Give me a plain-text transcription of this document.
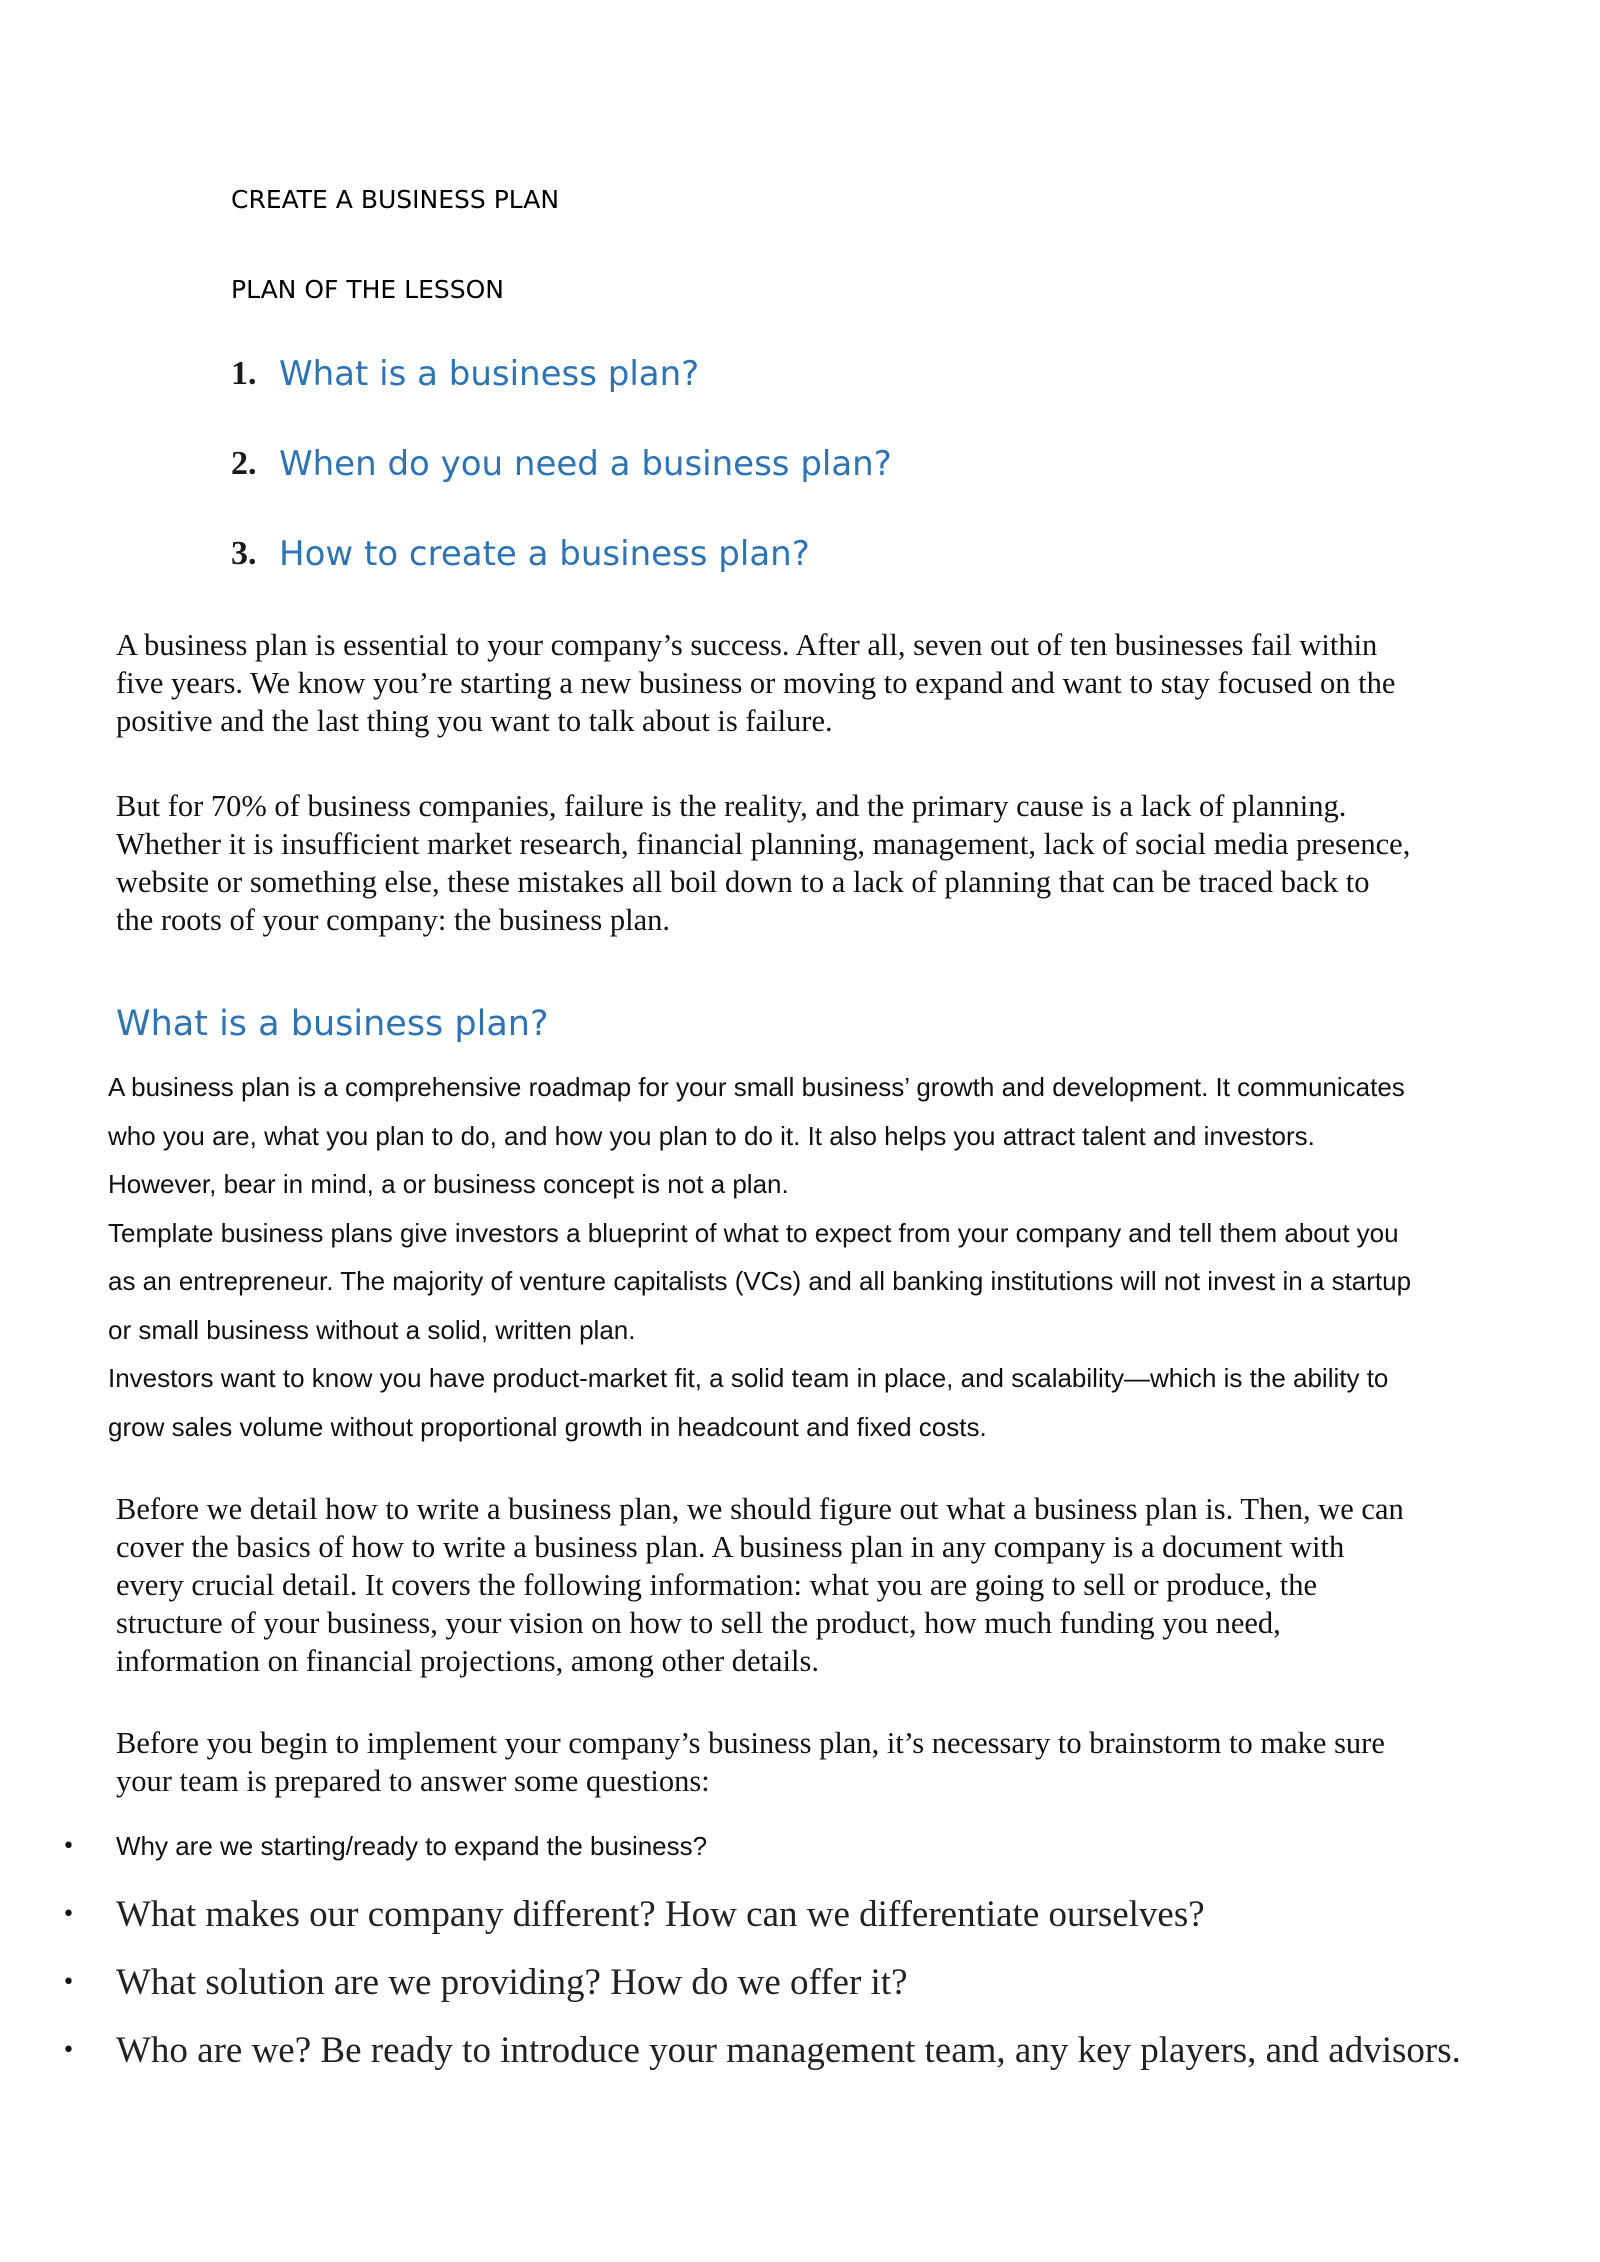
CREATE A BUSINESS PLAN
PLAN OF THE LESSON
1. What is a business plan?
2. When do you need a business plan?
3. How to create a business plan?

A business plan is essential to your company’s success. After all, seven out of ten businesses fail within

five years. We know you’re starting a new business or moving to expand and want to stay focused on the

positive and the last thing you want to talk about is failure.

But for 70% of business companies, failure is the reality, and the primary cause is a lack of planning.

Whether it is insufficient market research, financial planning, management, lack of social media presence,

website or something else, these mistakes all boil down to a lack of planning that can be traced back to

the roots of your company: the business plan.

What is a business plan?
A business plan is a comprehensive roadmap for your small business’ growth and development. It communicates
who you are, what you plan to do, and how you plan to do it. It also helps you attract talent and investors.
However, bear in mind, a or business concept is not a plan.
Template business plans give investors a blueprint of what to expect from your company and tell them about you
as an entrepreneur. The majority of venture capitalists (VCs) and all banking institutions will not invest in a startup
or small business without a solid, written plan.
Investors want to know you have product-market fit, a solid team in place, and scalability—which is the ability to
grow sales volume without proportional growth in headcount and fixed costs.

Before we detail how to write a business plan, we should figure out what a business plan is. Then, we can

cover the basics of how to write a business plan. A business plan in any company is a document with

every crucial detail. It covers the following information: what you are going to sell or produce, the

structure of your business, your vision on how to sell the product, how much funding you need,

information on financial projections, among other details.

Before you begin to implement your company’s business plan, it’s necessary to brainstorm to make sure

your team is prepared to answer some questions:

•	Why are we starting/ready to expand the business?
•	What makes our company different? How can we differentiate ourselves?
•	What solution are we providing? How do we offer it?
•	Who are we? Be ready to introduce your management team, any key players, and advisors.
